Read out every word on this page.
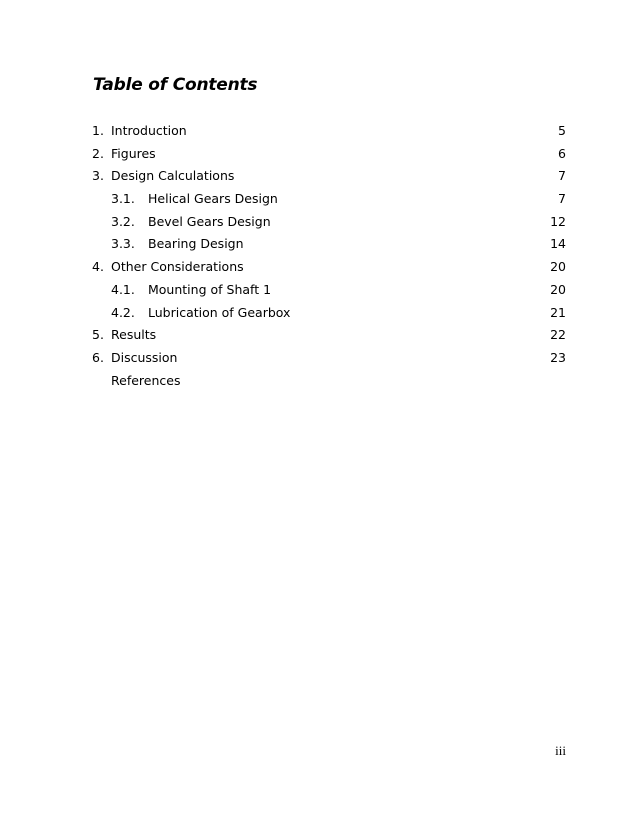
Table of Contents
1. Introduction	5
2. Figures	6
3. Design Calculations	7
3.1. Helical Gears Design	7
3.2. Bevel Gears Design	12
3.3. Bearing Design	14
4. Other Considerations	20
4.1. Mounting of Shaft 1	20
4.2. Lubrication of Gearbox	21
5. Results	22
6. Discussion	23
References
iii
